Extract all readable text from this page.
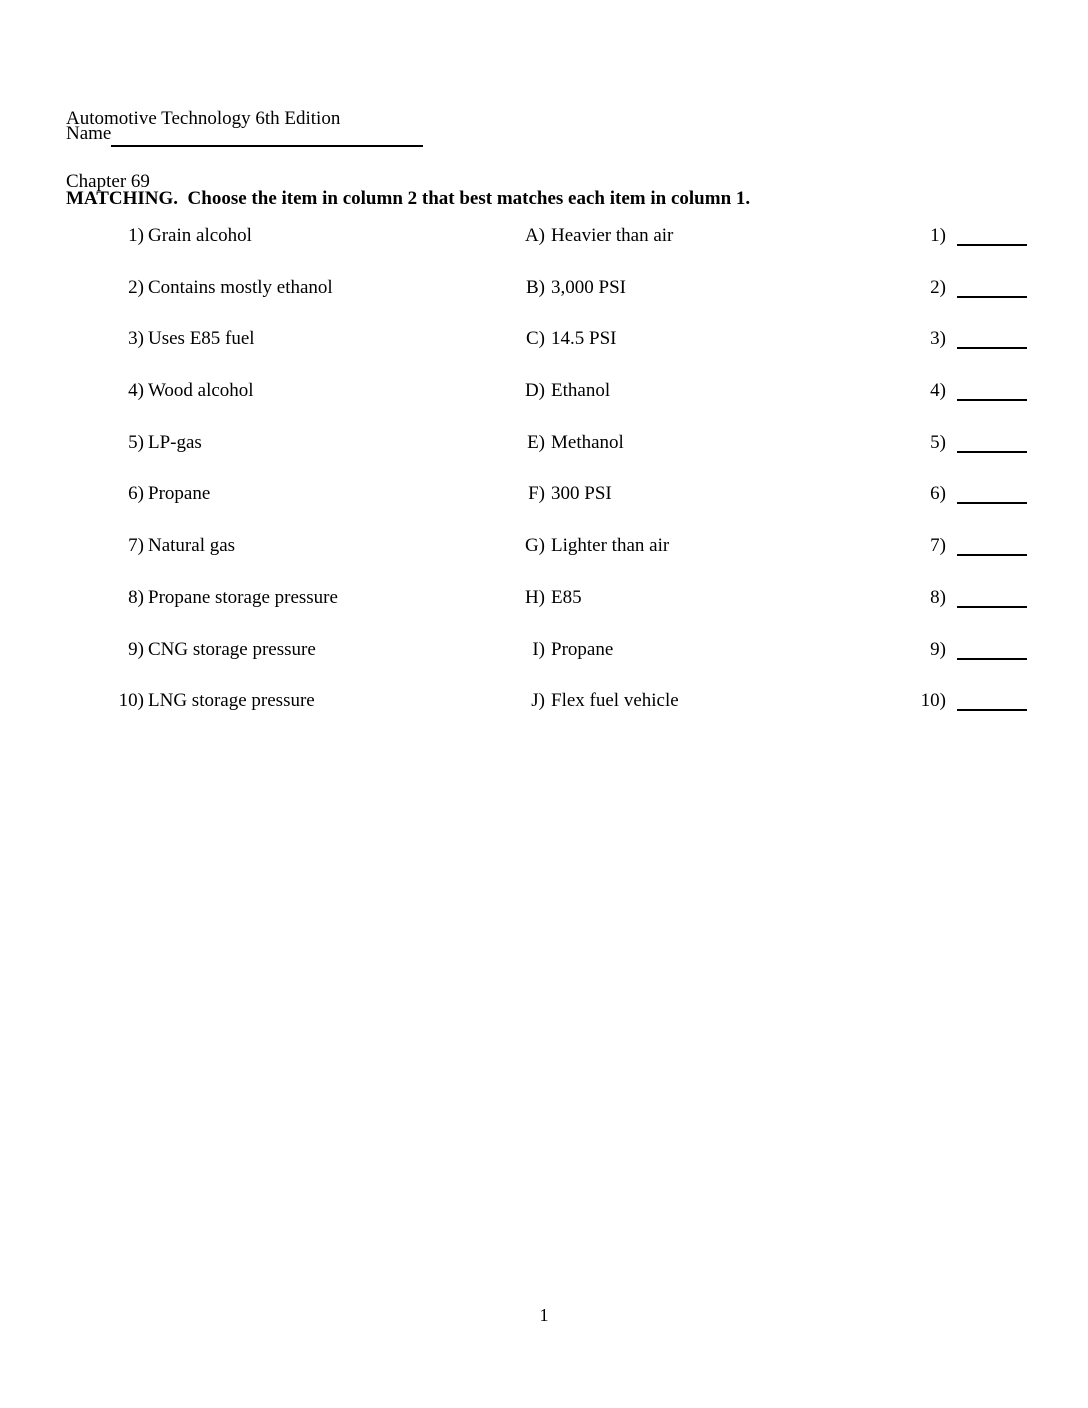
Automotive Technology 6th Edition

Chapter 69

Name
MATCHING.  Choose the item in column 2 that best matches each item in column 1.
1) Grain alcohol	A) Heavier than air	1)
2) Contains mostly ethanol	B) 3,000 PSI	2)
3) Uses E85 fuel	C) 14.5 PSI	3)
4) Wood alcohol	D) Ethanol	4)
5) LP-gas	E) Methanol	5)
6) Propane	F) 300 PSI	6)
7) Natural gas	G) Lighter than air	7)
8) Propane storage pressure	H) E85	8)
9) CNG storage pressure	I) Propane	9)
10) LNG storage pressure	J) Flex fuel vehicle	10)
1
